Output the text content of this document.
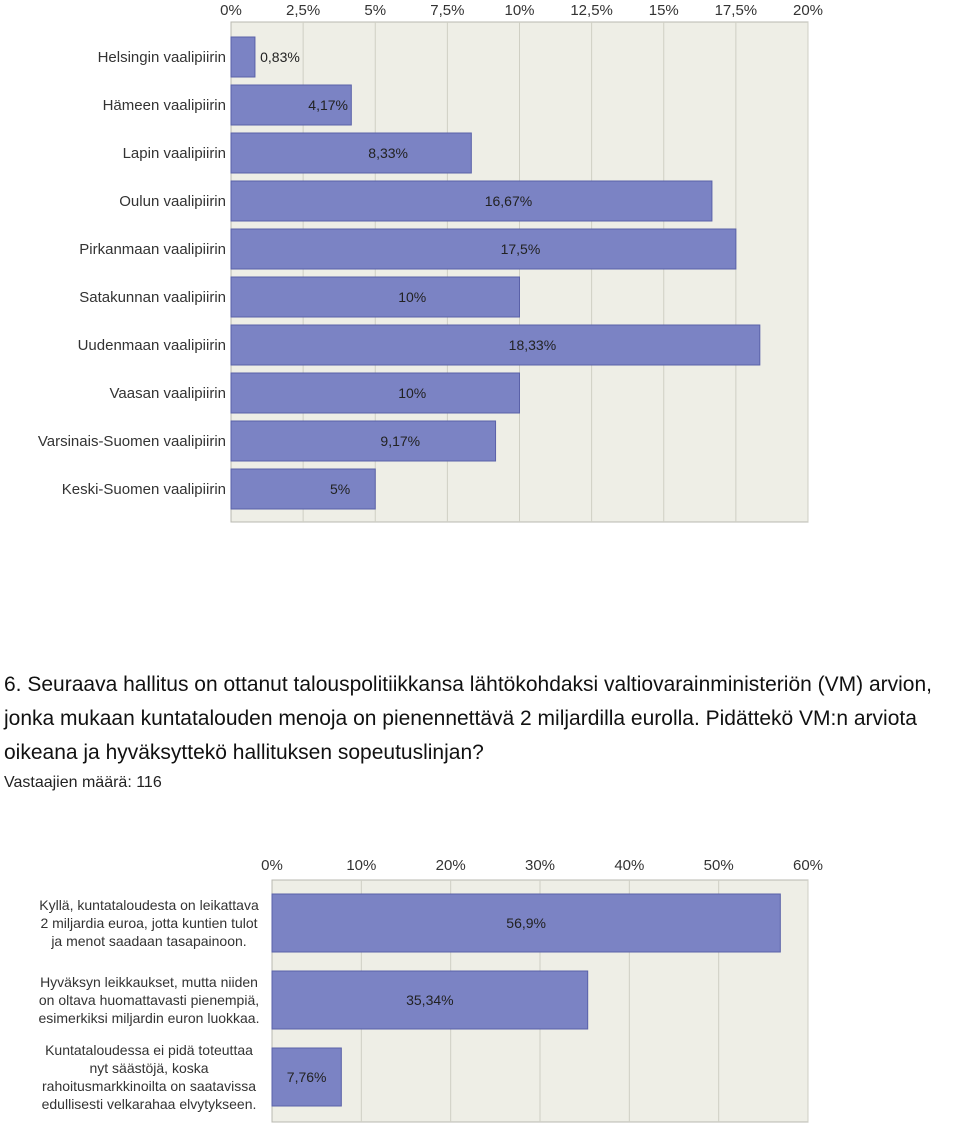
0%	2,5%	5%	7,5%	10% 12,5% 15% 17,5% 20%
0,83%
Helsingin vaalipiirin
4,17%
Hämeen vaalipiirin
8,33%
Lapin vaalipiirin
16,67%
Oulun vaalipiirin
17,5%
Pirkanmaan vaalipiirin
10%
Satakunnan vaalipiirin
18,33%
Uudenmaan vaalipiirin
10%
Vaasan vaalipiirin
9,17%
Varsinais-Suomen vaalipiirin
5%
Keski-Suomen vaalipiirin

6. Seuraava hallitus on ottanut talouspolitiikkansa lähtökohdaksi valtiovarainministeriön (VM) arvion, jonka mukaan kuntatalouden menoja on pienennettävä 2 miljardilla eurolla. Pidättekö VM:n arviota oikeana ja hyväksyttekö hallituksen sopeutuslinjan?

Vastaajien määrä: 116
0%	10%	20%	30%	40%	50%	60%
56,9%
Kyllä, kuntataloudesta on leikattava 2 miljardia euroa, jotta kuntien tulot ja menot saadaan tasapainoon.
35,34%
Hyväksyn leikkaukset, mutta niiden on oltava huomattavasti pienempiä, esimerkiksi miljardin euron luokkaa.
7,76%
Kuntataloudessa ei pidä toteuttaa nyt säästöjä, koska rahoitusmarkkinoilta on saatavissa edullisesti velkarahaa elvytykseen.
